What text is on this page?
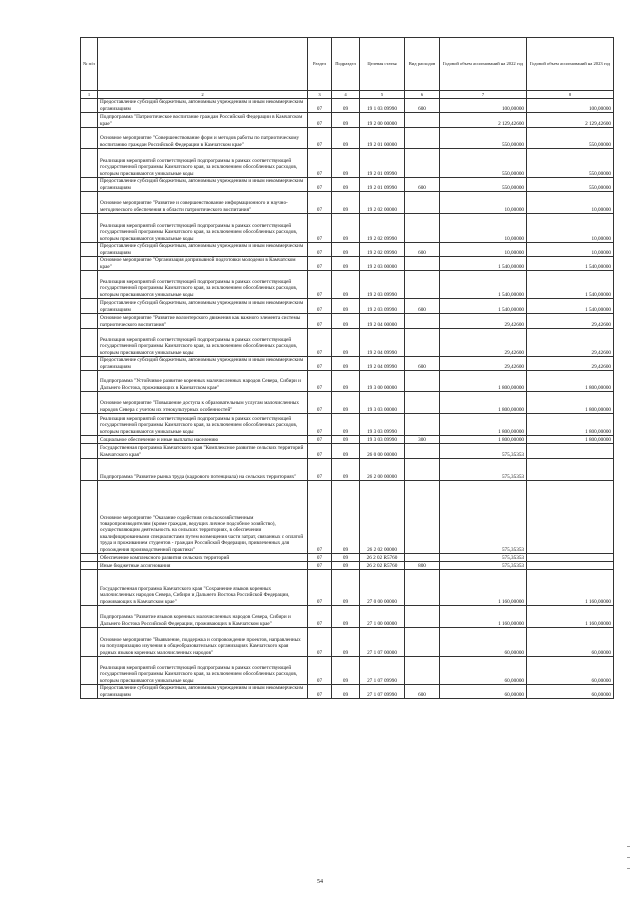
№ п/п		Раздел	Подраздел	Целевая статья	Вид расходов	Годовой объем ассигнований на 2022 год	Годовой объем ассигнований на 2023 год
1	2	3	4	5	6	7	8
	Предоставление субсидий бюджетным, автономным учреждениям и иным некоммерческим организациям	07	09	19 1 03 09990	600	100,00000	100,00000
	Подпрограмма "Патриотическое воспитание граждан Российской Федерации в Камчатском крае"	07	09	19 2 00 00000		2 129,42600	2 129,42600
	Основное мероприятие "Совершенствование форм и методов работы по патриотическому воспитанию граждан Российской Федерации в Камчатском крае"	07	09	19 2 01 00000		550,00000	550,00000
	Реализация мероприятий соответствующей подпрограммы в рамках соответствующей государственной программы Камчатского края, за исключением обособленных расходов, которым присваиваются уникальные коды	07	09	19 2 01 09990		550,00000	550,00000
	Предоставление субсидий бюджетным, автономным учреждениям и иным некоммерческим организациям	07	09	19 2 01 09990	600	550,00000	550,00000
	Основное мероприятие "Развитие и совершенствование информационного и научно-методического обеспечения в области патриотического воспитания"	07	09	19 2 02 00000		10,00000	10,00000
	Реализация мероприятий соответствующей подпрограммы в рамках соответствующей государственной программы Камчатского края, за исключением обособленных расходов, которым присваиваются уникальные коды	07	09	19 2 02 09990		10,00000	10,00000
	Предоставление субсидий бюджетным, автономным учреждениям и иным некоммерческим организациям	07	09	19 2 02 09990	600	10,00000	10,00000
	Основное мероприятие "Организация допризывной подготовки молодежи в Камчатском крае"	07	09	19 2 03 00000		1 540,00000	1 540,00000
	Реализация мероприятий соответствующей подпрограммы в рамках соответствующей государственной программы Камчатского края, за исключением обособленных расходов, которым присваиваются уникальные коды	07	09	19 2 03 09990		1 540,00000	1 540,00000
	Предоставление субсидий бюджетным, автономным учреждениям и иным некоммерческим организациям	07	09	19 2 03 09990	600	1 540,00000	1 540,00000
	Основное мероприятие "Развитие волонтерского движения как важного элемента системы патриотического воспитания"	07	09	19 2 04 00000		29,42600	29,42600
	Реализация мероприятий соответствующей подпрограммы в рамках соответствующей государственной программы Камчатского края, за исключением обособленных расходов, которым присваиваются уникальные коды	07	09	19 2 04 09990		29,42600	29,42600
	Предоставление субсидий бюджетным, автономным учреждениям и иным некоммерческим организациям	07	09	19 2 04 09990	600	29,42600	29,42600
	Подпрограмма "Устойчивое развитие коренных малочисленных народов Севера, Сибири и Дальнего Востока, проживающих в Камчатском крае"	07	09	19 3 00 00000		1 800,00000	1 800,00000
	Основное мероприятие "Повышение доступа к образовательным услугам малочисленных народов Севера с учетом их этнокультурных особенностей"	07	09	19 3 03 00000		1 800,00000	1 800,00000
	Реализация мероприятий соответствующей подпрограммы в рамках соответствующей государственной программы Камчатского края, за исключением обособленных расходов, которым присваиваются уникальные коды	07	09	19 3 03 09990		1 800,00000	1 800,00000
	Социальное обеспечение и иные выплаты населению	07	09	19 3 03 09990	300	1 800,00000	1 800,00000
	Государственная программа Камчатского края "Комплексное развитие сельских территорий Камчатского края"	07	09	26 0 00 00000		575,35353	
	Подпрограмма "Развитие рынка труда (кадрового потенциала) на сельских территориях"	07	09	26 2 00 00000		575,35353	
	Основное мероприятие "Оказание содействия сельскохозяйственным товаропроизводителям (кроме граждан, ведущих личное подсобное хозяйство), осуществляющим деятельность на сельских территориях, в обеспечении квалифицированными специалистами путем возмещения части затрат, связанных с оплатой труда и проживанием студентов - граждан Российской Федерации, привлеченных для прохождения производственной практики"	07	09	26 2 02 00000		575,35353	
	Обеспечение комплексного развития сельских территорий	07	09	26 2 02 R5760		575,35353	
	Иные бюджетные ассигнования	07	09	26 2 02 R5760	800	575,35353	
	Государственная программа Камчатского края "Сохранение языков коренных малочисленных народов Севера, Сибири и Дальнего Востока Российской Федерации, проживающих в Камчатском крае"	07	09	27 0 00 00000		1 160,00000	1 160,00000
	Подпрограмма "Развитие языков коренных малочисленных народов Севера, Сибири и Дальнего Востока Российской Федерации, проживающих в Камчатском крае"	07	09	27 1 00 00000		1 160,00000	1 160,00000
	Основное мероприятие "Выявление, поддержка и сопровождение проектов, направленных на популяризацию изучения в общеобразовательных организациях Камчатского края родных языков коренных малочисленных народов"	07	09	27 1 07 00000		60,00000	60,00000
	Реализация мероприятий соответствующей подпрограммы в рамках соответствующей государственной программы Камчатского края, за исключением обособленных расходов, которым присваиваются уникальные коды	07	09	27 1 07 09990		60,00000	60,00000
	Предоставление субсидий бюджетным, автономным учреждениям и иным некоммерческим организациям	07	09	27 1 07 09990	600	60,00000	60,00000
54
